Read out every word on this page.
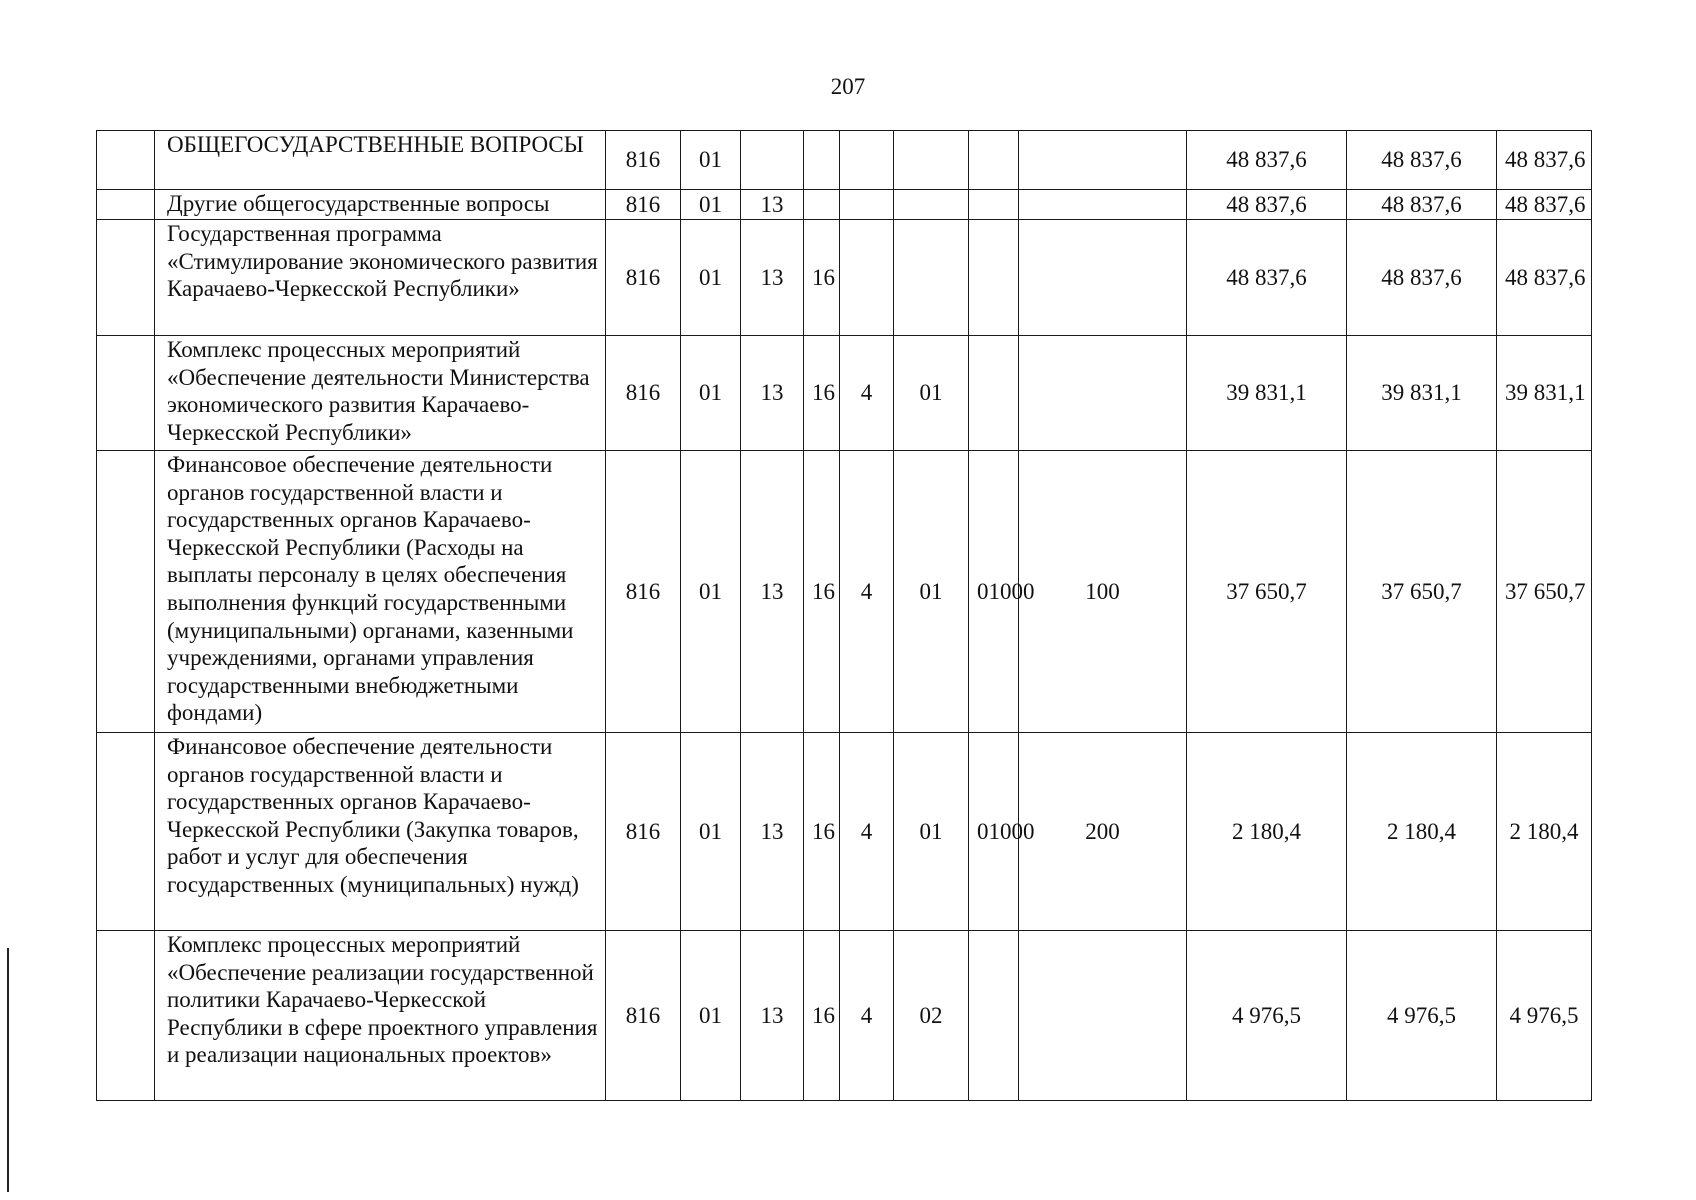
207
	ОБЩЕГОСУДАРСТВЕННЫЕ ВОПРОСЫ	816	01							48 837,6	48 837,6	48 837,6
	Другие общегосударственные вопросы	816	01	13						48 837,6	48 837,6	48 837,6
	Государственная программа «Стимулирование экономического развития Карачаево-Черкесской Республики»	816	01	13	16					48 837,6	48 837,6	48 837,6
	Комплекс процессных мероприятий «Обеспечение деятельности Министерства экономического развития Карачаево-Черкесской Республики»	816	01	13	16	4	01			39 831,1	39 831,1	39 831,1
	Финансовое обеспечение деятельности органов государственной власти и государственных органов Карачаево-Черкесской Республики (Расходы на выплаты персоналу в целях обеспечения выполнения функций государственными (муниципальными) органами, казенными учреждениями, органами управления государственными внебюджетными фондами)	816	01	13	16	4	01	01000	100	37 650,7	37 650,7	37 650,7
	Финансовое обеспечение деятельности органов государственной власти и государственных органов Карачаево-Черкесской Республики (Закупка товаров, работ и услуг для обеспечения государственных (муниципальных) нужд)	816	01	13	16	4	01	01000	200	2 180,4	2 180,4	2 180,4
	Комплекс процессных мероприятий «Обеспечение реализации государственной политики Карачаево-Черкесской Республики в сфере проектного управления и реализации национальных проектов»	816	01	13	16	4	02			4 976,5	4 976,5	4 976,5
